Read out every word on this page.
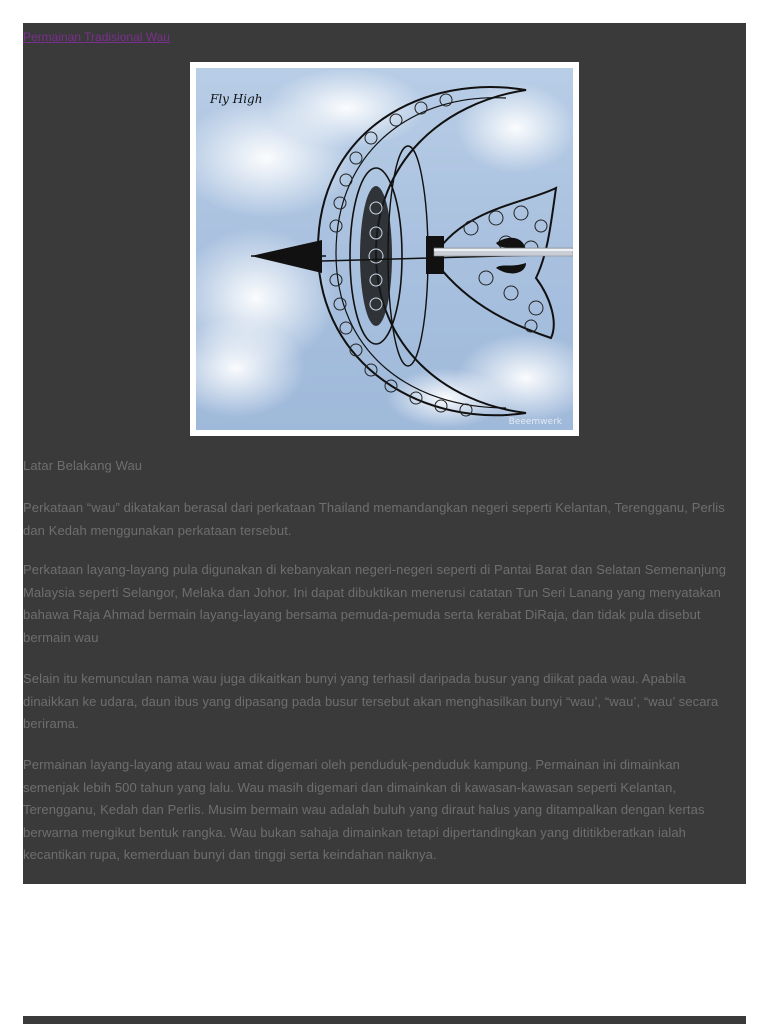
Permainan Tradisional Wau
Fly High
Beeemwerk
Latar Belakang Wau
Perkataan “wau” dikatakan berasal dari perkataan Thailand memandangkan negeri seperti Kelantan, Terengganu, Perlis dan Kedah menggunakan perkataan tersebut.
Perkataan layang-layang pula digunakan di kebanyakan negeri-negeri seperti di Pantai Barat dan Selatan Semenanjung Malaysia seperti Selangor, Melaka dan Johor. Ini dapat dibuktikan menerusi catatan Tun Seri Lanang yang menyatakan bahawa Raja Ahmad bermain layang-layang bersama pemuda-pemuda serta kerabat DiRaja, dan tidak pula disebut bermain wau
Selain itu kemunculan nama wau juga dikaitkan bunyi yang terhasil daripada busur yang diikat pada wau. Apabila dinaikkan ke udara, daun ibus yang dipasang pada busur tersebut akan menghasilkan bunyi “wau’, “wau’, “wau’ secara berirama.
Permainan layang-layang atau wau amat digemari oleh penduduk-penduduk kampung. Permainan ini dimainkan semenjak lebih 500 tahun yang lalu. Wau masih digemari dan dimainkan di kawasan-kawasan seperti Kelantan, Terengganu, Kedah dan Perlis. Musim bermain wau adalah buluh yang diraut halus yang ditampalkan dengan kertas berwarna mengikut bentuk rangka. Wau bukan sahaja dimainkan tetapi dipertandingkan yang dititikberatkan ialah kecantikan rupa, kemerduan bunyi dan tinggi serta keindahan naiknya.
